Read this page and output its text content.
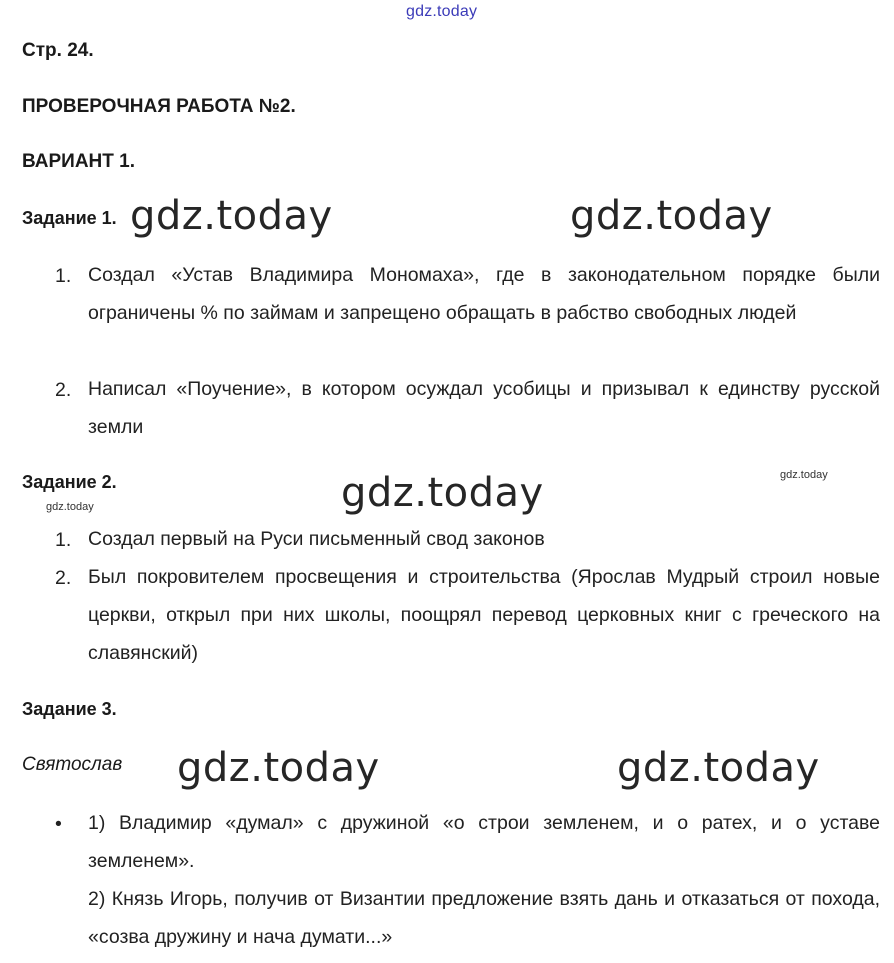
gdz.today
gdz.today	gdz.today
gdz.today
gdz.today	gdz.today
gdz.today
gdz.today
Стр. 24.
ПРОВЕРОЧНАЯ РАБОТА №2.
ВАРИАНТ 1.
Задание 1.
1. Создал «Устав Владимира Мономаха», где в законодательном порядке были ограничены % по займам и запрещено обращать в рабство свободных людей
2. Написал «Поучение», в котором осуждал усобицы и призывал к единству русской земли
Задание 2.
1. Создал первый на Руси письменный свод законов
2. Был покровителем просвещения и строительства (Ярослав Мудрый строил новые церкви, открыл при них школы, поощрял перевод церковных книг с греческого на славянский)
Задание 3.
Святослав
• 1) Владимир «думал» с дружиной «о строи земленем, и о ратех, и о уставе земленем».
2) Князь Игорь, получив от Византии предложение взять дань и отказаться от похода, «созва дружину и нача думати...»
